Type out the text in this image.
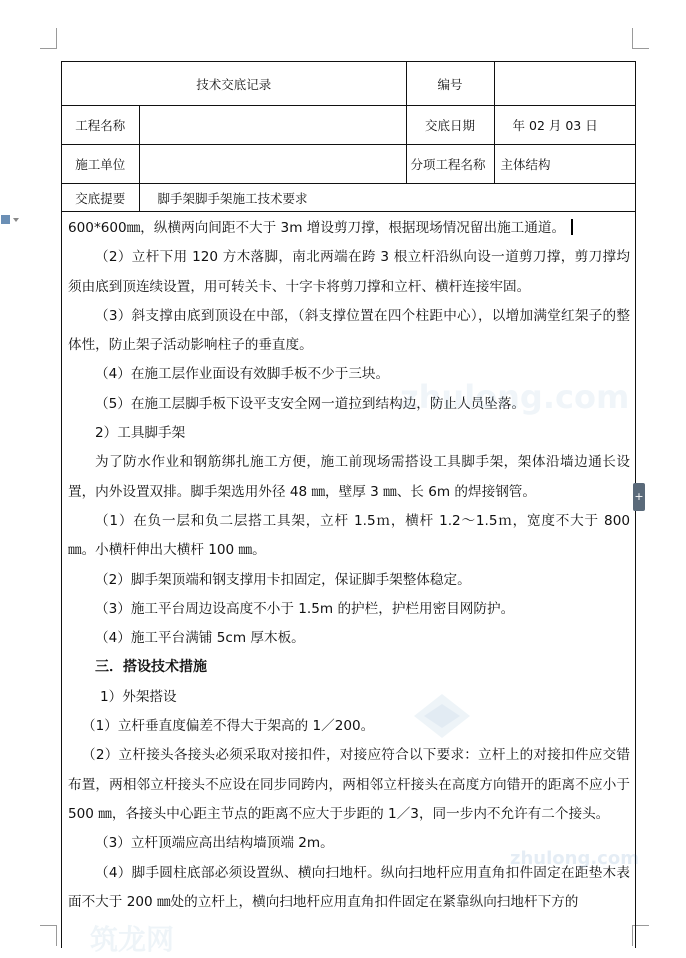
技术交底记录		编号	
工程名称		交底日期	年 02 月 03 日
施工单位		分项工程名称	主体结构
交底提要	脚手架脚手架施工技术要求		

600*600㎜，纵横两向间距不大于 3m 增设剪刀撑，根据现场情况留出施工通道。

（2）立杆下用 120 方木落脚，南北两端在跨 3 根立杆沿纵向设一道剪刀撑，剪刀撑均须由底到顶连续设置，用可转关卡、十字卡将剪刀撑和立杆、横杆连接牢固。

（3）斜支撑由底到顶设在中部，（斜支撑位置在四个柱距中心），以增加满堂红架子的整体性，防止架子活动影响柱子的垂直度。

（4）在施工层作业面设有效脚手板不少于三块。

（5）在施工层脚手板下设平支安全网一道拉到结构边，防止人员坠落。

2）工具脚手架

为了防水作业和钢筋绑扎施工方便，施工前现场需搭设工具脚手架，架体沿墙边通长设置，内外设置双排。脚手架选用外径 48 ㎜，壁厚 3 ㎜、长 6m 的焊接钢管。

（1）在负一层和负二层搭工具架，立杆 1.5ｍ，横杆 1.2～1.5ｍ，宽度不大于 800 ㎜。小横杆伸出大横杆 100 ㎜。

（2）脚手架顶端和钢支撑用卡扣固定，保证脚手架整体稳定。

（3）施工平台周边设高度不小于 1.5m 的护栏，护栏用密目网防护。

（4）施工平台满铺 5cm 厚木板。

三．搭设技术措施

1）外架搭设

（1）立杆垂直度偏差不得大于架高的 1／200。

（2）立杆接头各接头必须采取对接扣件，对接应符合以下要求：立杆上的对接扣件应交错布置，两相邻立杆接头不应设在同步同跨内，两相邻立杆接头在高度方向错开的距离不应小于 500 ㎜，各接头中心距主节点的距离不应大于步距的 1／3，同一步内不允许有二个接头。

（3）立杆顶端应高出结构墙顶端 2m。

（4）脚手圆柱底部必须设置纵、横向扫地杆。纵向扫地杆应用直角扣件固定在距垫木表面不大于 200 ㎜处的立杆上，横向扫地杆应用直角扣件固定在紧靠纵向扫地杆下方的

zhulong.com
zhulong.com
筑龙网
+
